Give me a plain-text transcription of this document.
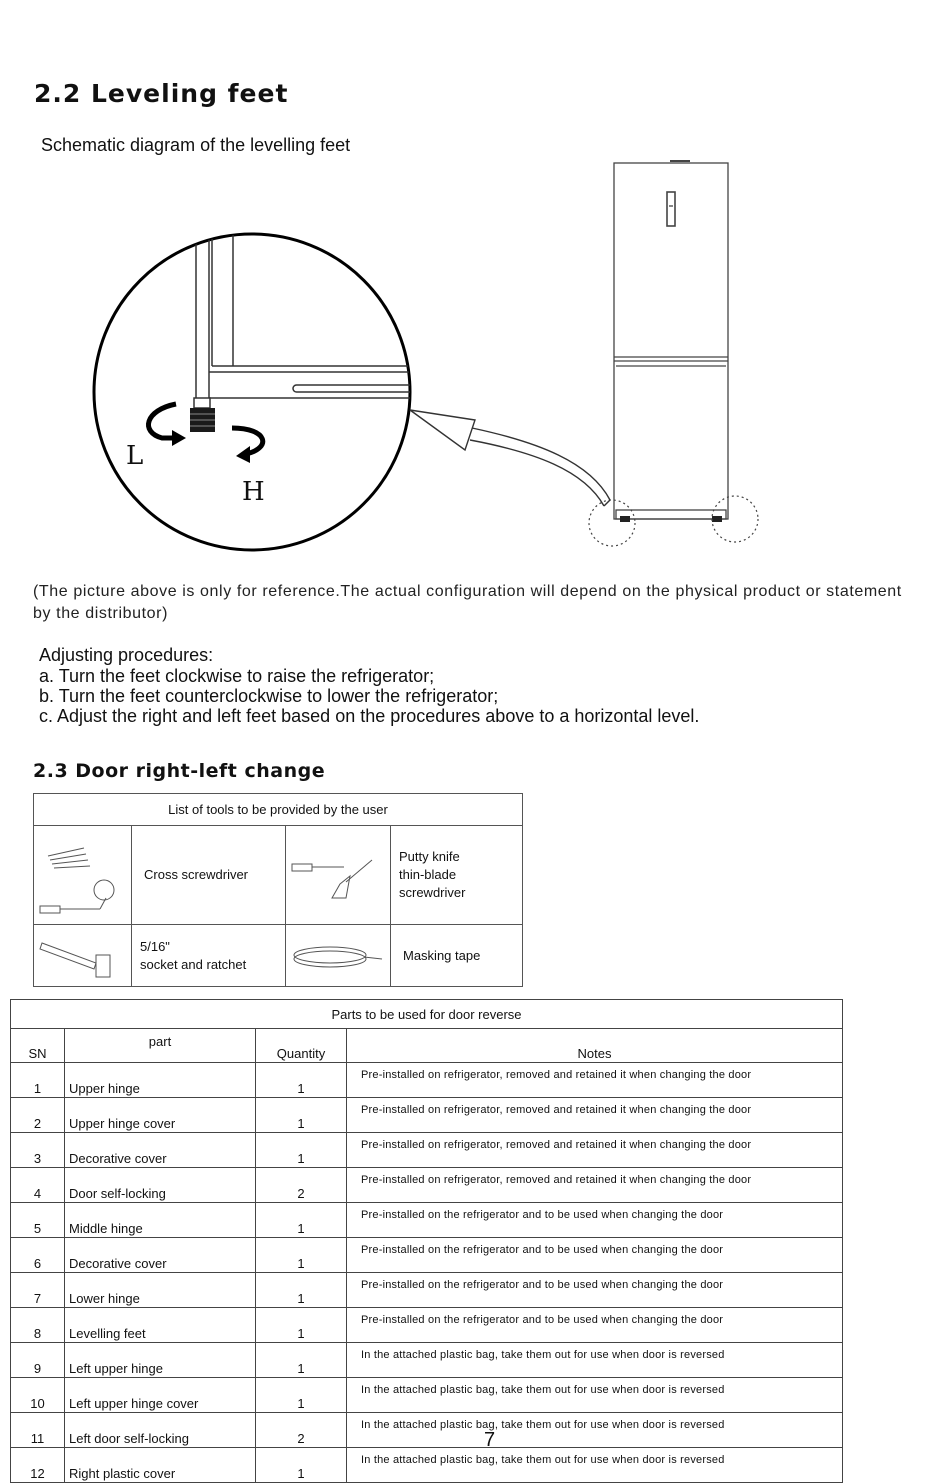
2.2 Leveling feet
Schematic diagram of the levelling feet
L
H
(The picture above is only for reference.The actual configuration will depend on the physical product or statement by the distributor)
Adjusting procedures:
a. Turn the feet clockwise to raise the refrigerator;
b. Turn the feet counterclockwise to lower the refrigerator;
c. Adjust the right and left feet based on the procedures above to a horizontal level.
2.3 Door right-left change
List of tools to be provided by the user			
	Cross screwdriver		Putty knife
thin-blade screwdriver

5/16"
socket and ratchet		Masking tape
Parts to be used for door reverse			
SN	part	Quantity	Notes
1	Upper hinge	1	Pre-installed on refrigerator, removed and retained it when changing the door
2	Upper hinge cover	1	Pre-installed on refrigerator, removed and retained it when changing the door
3	Decorative cover	1	Pre-installed on refrigerator, removed and retained it when changing the door
4	Door self-locking	2	Pre-installed on refrigerator, removed and retained it when changing the door
5	Middle hinge	1	Pre-installed on the refrigerator and to be used when changing the door
6	Decorative cover	1	Pre-installed on the refrigerator and to be used when changing the door
7	Lower hinge	1	Pre-installed on the refrigerator and to be used when changing the door
8	Levelling feet	1	Pre-installed on the refrigerator and to be used when changing the door
9	Left upper hinge	1	In the attached plastic bag, take them out for use when door is reversed
10	Left upper hinge cover	1	In the attached plastic bag, take them out for use when door is reversed
11	Left door self-locking	2	In the attached plastic bag, take them out for use when door is reversed
12	Right plastic cover	1	In the attached plastic bag, take them out for use when door is reversed
7
